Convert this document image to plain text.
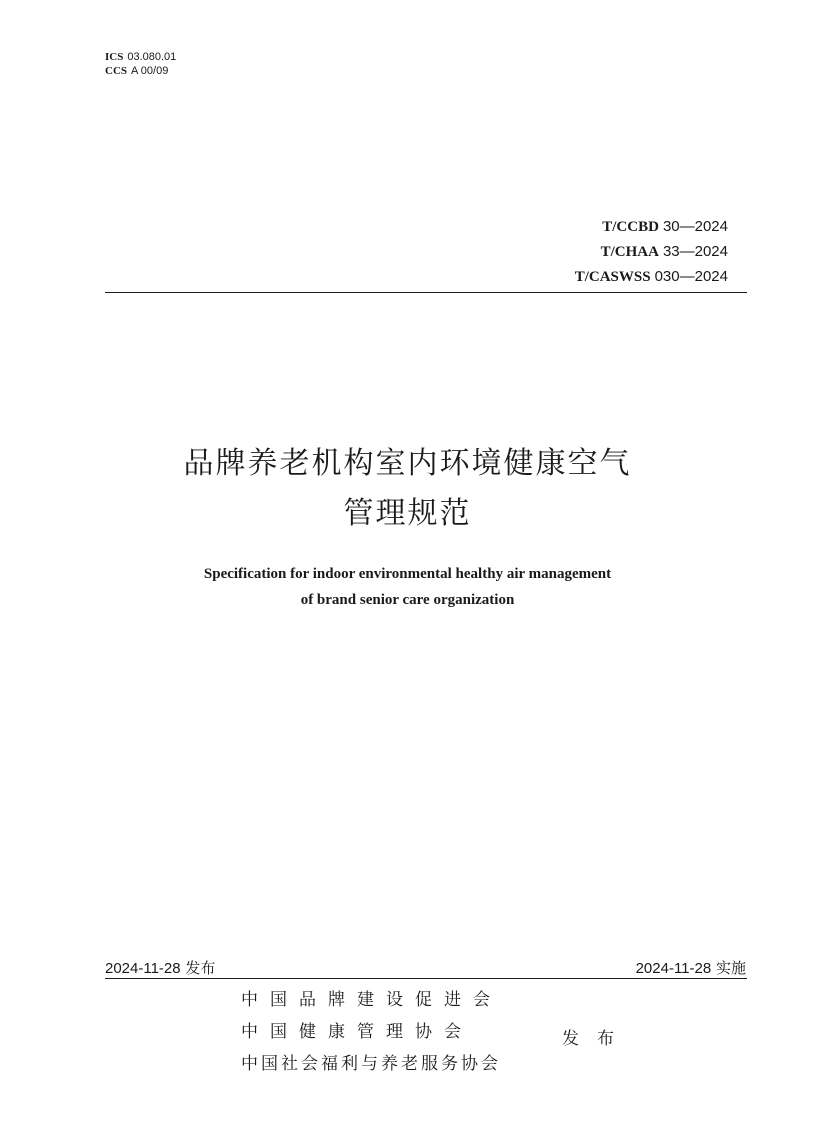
ICS 03.080.01
CCS A 00/09
T/CCBD 30—2024
T/CHAA 33—2024
T/CASWSS 030—2024
品牌养老机构室内环境健康空气
管理规范
Specification for indoor environmental healthy air management
of brand senior care organization
2024-11-28 发布	2024-11-28 实施
中国品牌建设促进会
中国健康管理协会
中国社会福利与养老服务协会
发布
